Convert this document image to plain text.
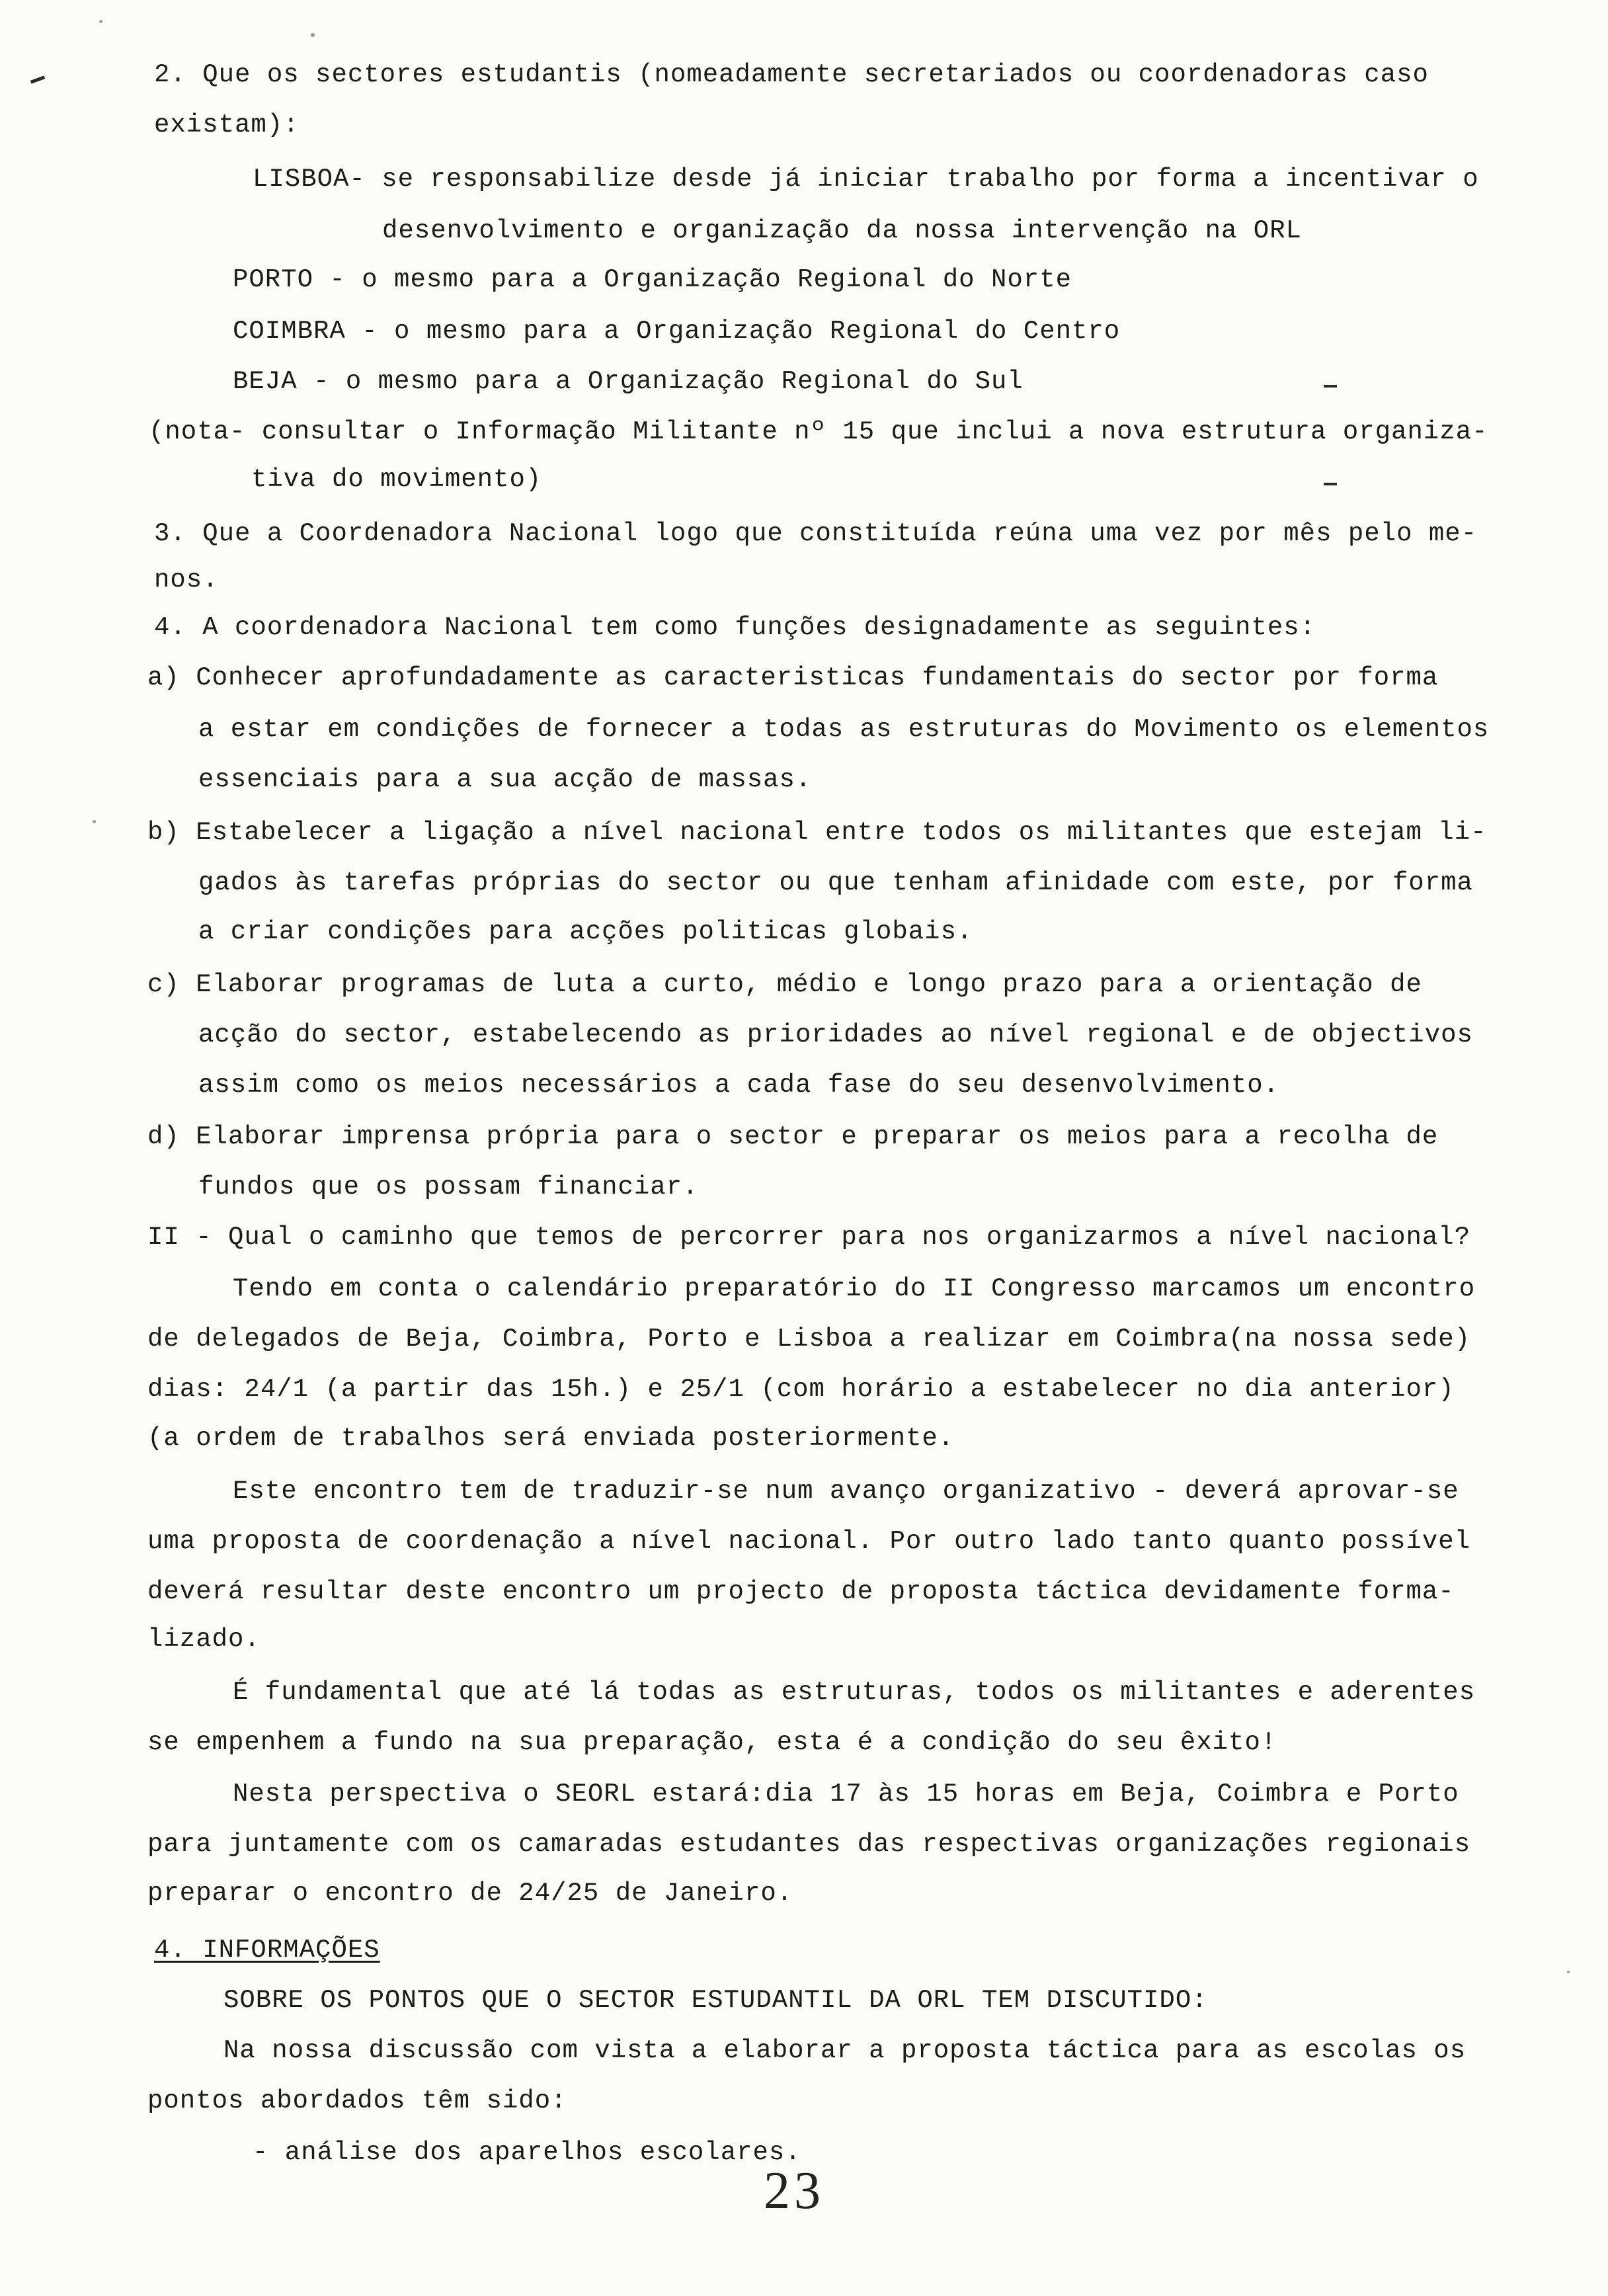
2. Que os sectores estudantis (nomeadamente secretariados ou coordenadoras caso
existam):
LISBOA- se responsabilize desde já iniciar trabalho por forma a incentivar o
desenvolvimento e organização da nossa intervenção na ORL
PORTO - o mesmo para a Organização Regional do Norte
COIMBRA - o mesmo para a Organização Regional do Centro
BEJA - o mesmo para a Organização Regional do Sul
(nota- consultar o Informação Militante nº 15 que inclui a nova estrutura organiza-
tiva do movimento)
3. Que a Coordenadora Nacional logo que constituída reúna uma vez por mês pelo me-
nos.
4. A coordenadora Nacional tem como funções designadamente as seguintes:
a) Conhecer aprofundadamente as caracteristicas fundamentais do sector por forma
a estar em condições de fornecer a todas as estruturas do Movimento os elementos
essenciais para a sua acção de massas.
b) Estabelecer a ligação a nível nacional entre todos os militantes que estejam li-
gados às tarefas próprias do sector ou que tenham afinidade com este, por forma
a criar condições para acções politicas globais.
c) Elaborar programas de luta a curto, médio e longo prazo para a orientação de
acção do sector, estabelecendo as prioridades ao nível regional e de objectivos
assim como os meios necessários a cada fase do seu desenvolvimento.
d) Elaborar imprensa própria para o sector e preparar os meios para a recolha de
fundos que os possam financiar.
II - Qual o caminho que temos de percorrer para nos organizarmos a nível nacional?
Tendo em conta o calendário preparatório do II Congresso marcamos um encontro
de delegados de Beja, Coimbra, Porto e Lisboa a realizar em Coimbra(na nossa sede)
dias: 24/1 (a partir das 15h.) e 25/1 (com horário a estabelecer no dia anterior)
(a ordem de trabalhos será enviada posteriormente.
Este encontro tem de traduzir-se num avanço organizativo - deverá aprovar-se
uma proposta de coordenação a nível nacional. Por outro lado tanto quanto possível
deverá resultar deste encontro um projecto de proposta táctica devidamente forma-
lizado.
É fundamental que até lá todas as estruturas, todos os militantes e aderentes
se empenhem a fundo na sua preparação, esta é a condição do seu êxito!
Nesta perspectiva o SEORL estará:dia 17 às 15 horas em Beja, Coimbra e Porto
para juntamente com os camaradas estudantes das respectivas organizações regionais
preparar o encontro de 24/25 de Janeiro.
4. INFORMAÇÕES
SOBRE OS PONTOS QUE O SECTOR ESTUDANTIL DA ORL TEM DISCUTIDO:
Na nossa discussão com vista a elaborar a proposta táctica para as escolas os
pontos abordados têm sido:
- análise dos aparelhos escolares.
23
